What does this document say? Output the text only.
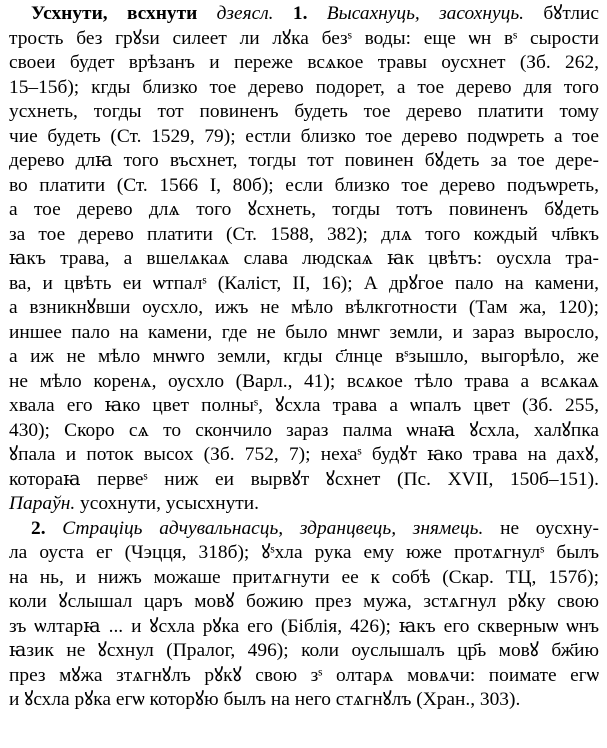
Усхнути, всхнути дзеясл. 1. Высахнуць, засохнуць. бꙋтлис
трость без грꙋѕи силеет ли лꙋка безˢ воды: еще ѡн вˢ сырости
своеи будет врѣзанъ и переже всѧкое травы оусхнет (Зб. 262,
15–15б); кгды близко тое дерево подорет, а тое дерево для того
усхнеть, тогды тот повиненъ будеть тое дерево платити тому
чие будеть (Ст. 1529, 79); естли близко тое дерево подѡреть а тое
дерево длꙗ того въсхнет, тогды тот повинен бꙋдеть за тое дере-
во платити (Ст. 1566 I, 80б); если близко тое дерево подъѡреть,
а тое дерево длѧ того ꙋсхнеть, тогды тотъ повиненъ бꙋдеть
за тое дерево платити (Ст. 1588, 382); длѧ того кождый чл҃вкъ
ꙗкъ трава, а вшелѧкаѧ слава людскаѧ ꙗк цвѣтъ: оусхла тра-
ва, и цвѣть еи ѡтпалˢ (Каліст, II, 16); А дрꙋгое пало на камени,
а взникнꙋвши оусхло, ижъ не мѣло вѣлкготности (Там жа, 120);
иншее пало на камени, где не было мнѡг земли, и зараз выросло,
а иж не мѣло мнѡго земли, кгды с҃лнце вˢзышло, выгорѣло, же
не мѣло коренѧ, оусхло (Варл., 41); всѧкое тѣло трава а всѧкаѧ
хвала его ꙗко цвет полныˢ, ꙋсхла трава а ѡпалъ цвет (Зб. 255,
430); Скоро сѧ то скончило зараз палма ѡнаꙗ ꙋсхла, халꙋпка
ꙋпала и поток высох (Зб. 752, 7); нехаˢ будꙋт ꙗко трава на дахꙋ,
котораꙗ первеˢ ниж еи вырвꙋт ꙋсхнет (Пс. XVII, 150б–151).
Параўн. усохнути, усысхнути.
2. Страціць адчувальнасць, здранцвець, знямець. не оусхну-
ла оуста ег (Чэцця, 318б); ꙋˢхла рука ему юже протѧгнулˢ былъ
на нь, и нижъ можаше притѧгнути ее к собѣ (Скар. ТЦ, 157б);
коли ꙋслышал царъ мовꙋ божию през мужа, зстѧгнул рꙋку свою
зъ ѡлтарꙗ ... и ꙋсхла рꙋка его (Біблія, 426); ꙗкъ его скверныѡ ѡнъ
ꙗзик не ꙋсхнул (Пралог, 496); коли оуслышалъ цр҃ь мовꙋ бж҃ию
през мꙋжа зтѧгнꙋлъ рꙋкꙋ свою зˢ олтарѧ мовѧчи: поимате егѡ
и ꙋсхла рꙋка егѡ которꙋю былъ на него стѧгнꙋлъ (Хран., 303).
